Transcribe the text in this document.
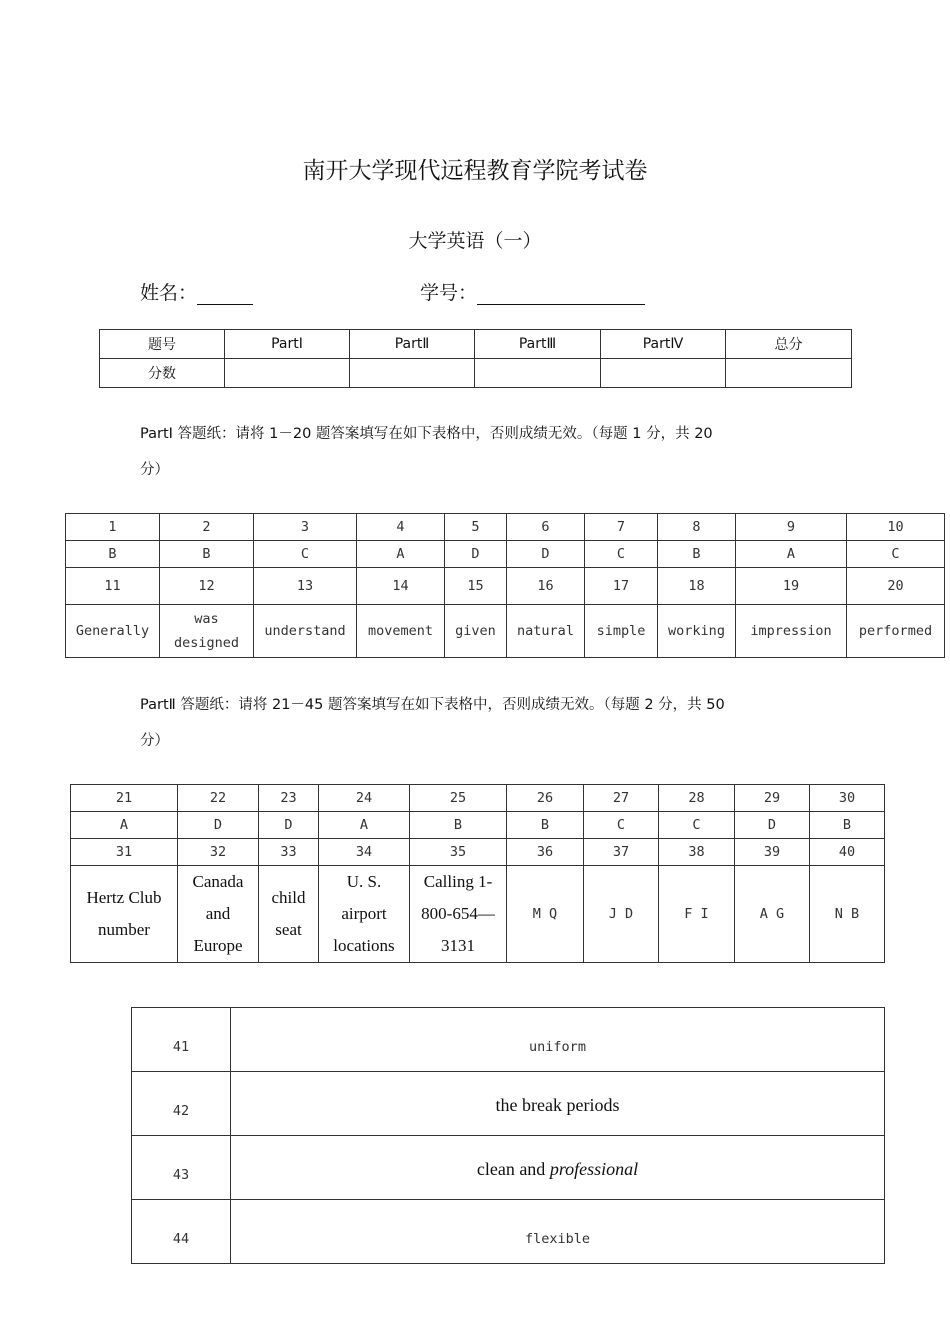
南开大学现代远程教育学院考试卷
大学英语（一）
姓名：	学号：
题号	PartⅠ	PartⅡ	PartⅢ	PartⅣ	总分
分数					
PartⅠ 答题纸：请将 1－20 题答案填写在如下表格中，否则成绩无效。（每题 1 分，共 20
分）
1	2	3	4	5	6	7	8	9	10
B	B	C	A	D	D	C	B	A	C
11	12	13	14	15	16	17	18	19	20
Generally	was designed	understand	movement	given	natural	simple	working	impression	performed
PartⅡ 答题纸：请将 21－45 题答案填写在如下表格中，否则成绩无效。（每题 2 分，共 50
分）
21	22	23	24	25	26	27	28	29	30
A	D	D	A	B	B	C	C	D	B
31	32	33	34	35	36	37	38	39	40
Hertz Club number	Canada and Europe	child seat	U. S. airport locations	Calling 1-800-654—3131	M Q	J D	F I	A G	N B
41	uniform
42	the break periods
43	clean and professional
44	flexible
